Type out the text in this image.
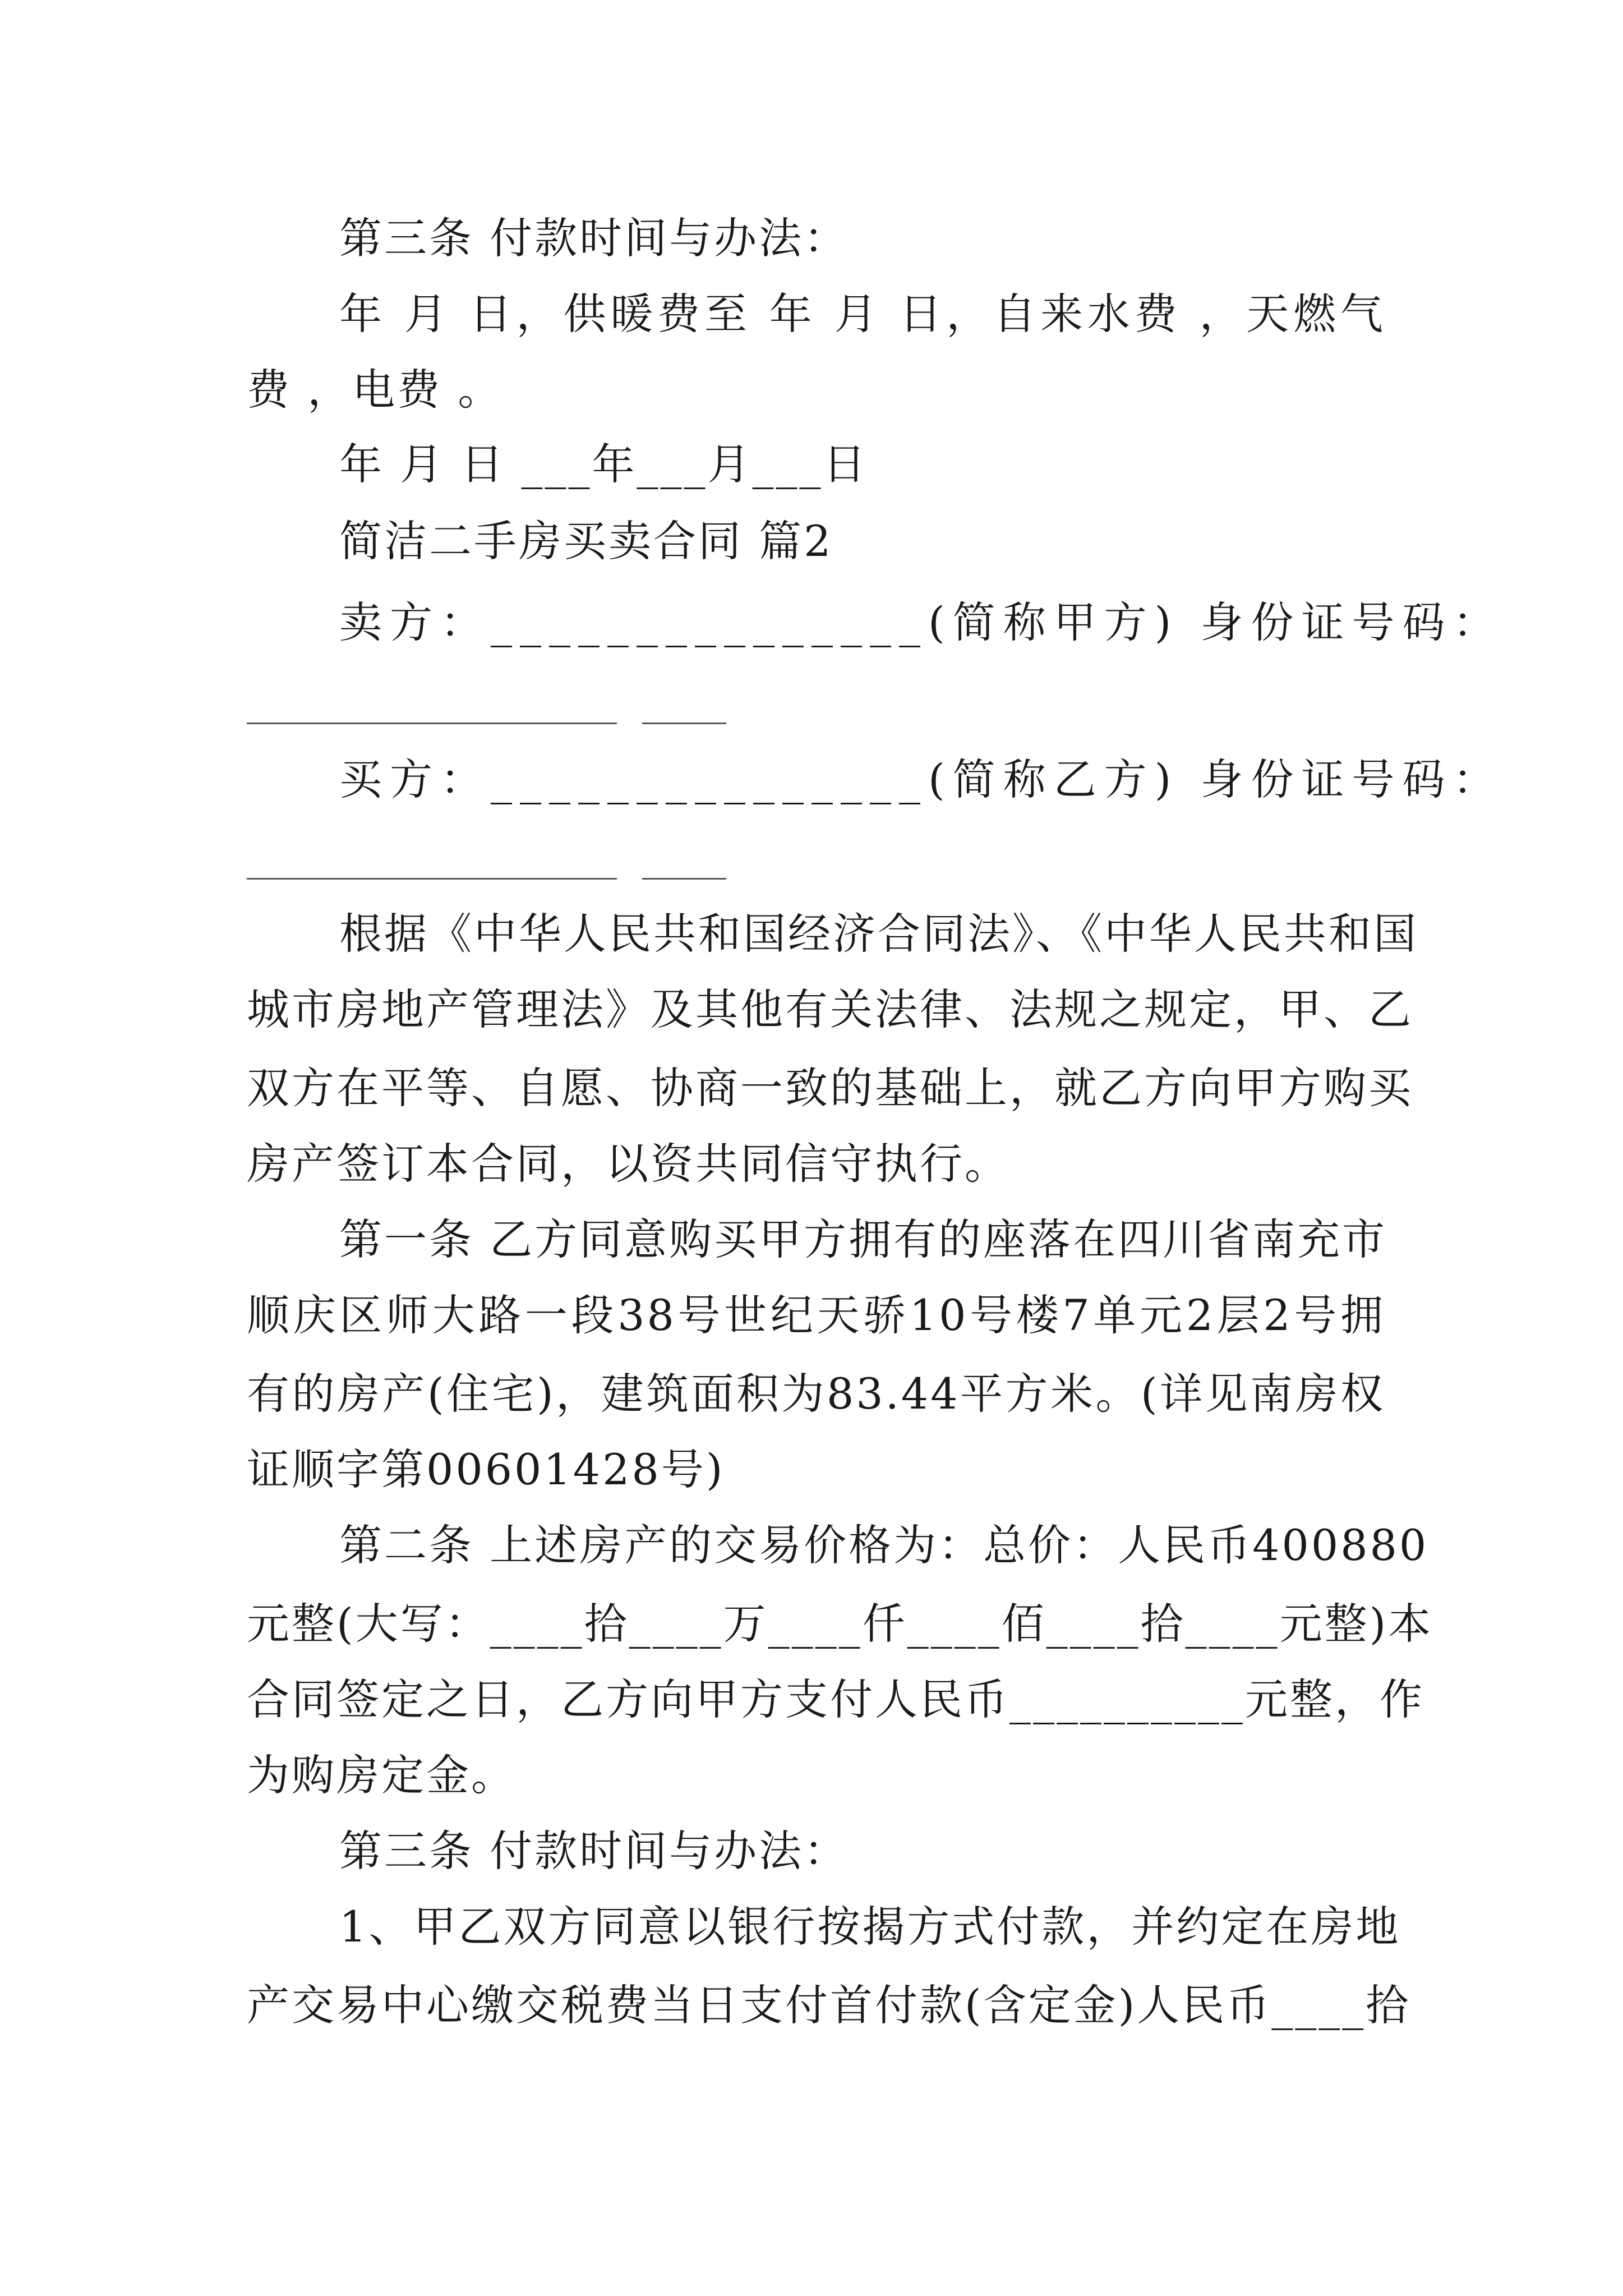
第三条 付款时间与办法：
年 月 日，供暖费至 年 月 日，自来水费 ，天燃气
费 ，电费 。
年 月 日 ___年___月___日
简洁二手房买卖合同 篇2
卖方：_______________(简称甲方) 身份证号码：
买方：_______________(简称乙方) 身份证号码：
根据《中华人民共和国经济合同法》、《中华人民共和国
城市房地产管理法》及其他有关法律、法规之规定，甲、乙
双方在平等、自愿、协商一致的基础上，就乙方向甲方购买
房产签订本合同，以资共同信守执行。
第一条 乙方同意购买甲方拥有的座落在四川省南充市
顺庆区师大路一段38号世纪天骄10号楼7单元2层2号拥
有的房产(住宅)，建筑面积为83.44平方米。(详见南房权
证顺字第00601428号)
第二条 上述房产的交易价格为：总价：人民币400880
元整(大写：____拾____万____仟____佰____拾____元整)本
合同签定之日，乙方向甲方支付人民币__________元整，作
为购房定金。
第三条 付款时间与办法：
1、甲乙双方同意以银行按揭方式付款，并约定在房地
产交易中心缴交税费当日支付首付款(含定金)人民币____拾
